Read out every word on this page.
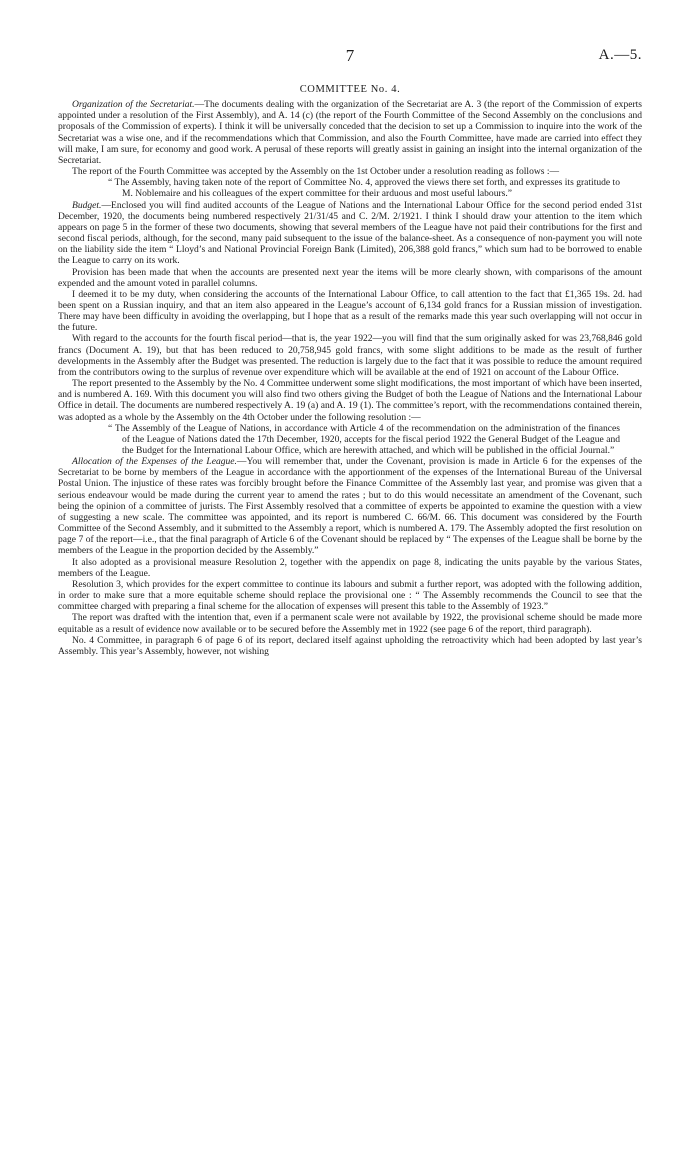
7	A.—5.
COMMITTEE No. 4.

Organization of the Secretariat.—The documents dealing with the organization of the Secretariat are A. 3 (the report of the Commission of experts appointed under a resolution of the First Assembly), and A. 14 (c) (the report of the Fourth Committee of the Second Assembly on the conclusions and proposals of the Commission of experts). I think it will be universally conceded that the decision to set up a Commission to inquire into the work of the Secretariat was a wise one, and if the recommendations which that Commission, and also the Fourth Committee, have made are carried into effect they will make, I am sure, for economy and good work. A perusal of these reports will greatly assist in gaining an insight into the internal organization of the Secretariat.

The report of the Fourth Committee was accepted by the Assembly on the 1st October under a resolution reading as follows :—

“ The Assembly, having taken note of the report of Committee No. 4, approved the views there set forth, and expresses its gratitude to M. Noblemaire and his colleagues of the expert committee for their arduous and most useful labours.”

Budget.—Enclosed you will find audited accounts of the League of Nations and the International Labour Office for the second period ended 31st December, 1920, the documents being numbered respectively 21/31/45 and C. 2/M. 2/1921. I think I should draw your attention to the item which appears on page 5 in the former of these two documents, showing that several members of the League have not paid their contributions for the first and second fiscal periods, although, for the second, many paid subsequent to the issue of the balance-sheet. As a consequence of non-payment you will note on the liability side the item “ Lloyd’s and National Provincial Foreign Bank (Limited), 206,388 gold francs,” which sum had to be borrowed to enable the League to carry on its work.

Provision has been made that when the accounts are presented next year the items will be more clearly shown, with comparisons of the amount expended and the amount voted in parallel columns.

I deemed it to be my duty, when considering the accounts of the International Labour Office, to call attention to the fact that £1,365 19s. 2d. had been spent on a Russian inquiry, and that an item also appeared in the League’s account of 6,134 gold francs for a Russian mission of investigation. There may have been difficulty in avoiding the overlapping, but I hope that as a result of the remarks made this year such overlapping will not occur in the future.

With regard to the accounts for the fourth fiscal period—that is, the year 1922—you will find that the sum originally asked for was 23,768,846 gold francs (Document A. 19), but that has been reduced to 20,758,945 gold francs, with some slight additions to be made as the result of further developments in the Assembly after the Budget was presented. The reduction is largely due to the fact that it was possible to reduce the amount required from the contributors owing to the surplus of revenue over expenditure which will be available at the end of 1921 on account of the Labour Office.

The report presented to the Assembly by the No. 4 Committee underwent some slight modifications, the most important of which have been inserted, and is numbered A. 169. With this document you will also find two others giving the Budget of both the League of Nations and the International Labour Office in detail. The documents are numbered respectively A. 19 (a) and A. 19 (1). The committee’s report, with the recommendations contained therein, was adopted as a whole by the Assembly on the 4th October under the following resolution :—

“ The Assembly of the League of Nations, in accordance with Article 4 of the recommendation on the administration of the finances of the League of Nations dated the 17th December, 1920, accepts for the fiscal period 1922 the General Budget of the League and the Budget for the International Labour Office, which are herewith attached, and which will be published in the official Journal.”

Allocation of the Expenses of the League.—You will remember that, under the Covenant, provision is made in Article 6 for the expenses of the Secretariat to be borne by members of the League in accordance with the apportionment of the expenses of the International Bureau of the Universal Postal Union. The injustice of these rates was forcibly brought before the Finance Committee of the Assembly last year, and promise was given that a serious endeavour would be made during the current year to amend the rates ; but to do this would necessitate an amendment of the Covenant, such being the opinion of a committee of jurists. The First Assembly resolved that a committee of experts be appointed to examine the question with a view of suggesting a new scale. The committee was appointed, and its report is numbered C. 66/M. 66. This document was considered by the Fourth Committee of the Second Assembly, and it submitted to the Assembly a report, which is numbered A. 179. The Assembly adopted the first resolution on page 7 of the report—i.e., that the final paragraph of Article 6 of the Covenant should be replaced by “ The expenses of the League shall be borne by the members of the League in the proportion decided by the Assembly.”

It also adopted as a provisional measure Resolution 2, together with the appendix on page 8, indicating the units payable by the various States, members of the League.

Resolution 3, which provides for the expert committee to continue its labours and submit a further report, was adopted with the following addition, in order to make sure that a more equitable scheme should replace the provisional one : “ The Assembly recommends the Council to see that the committee charged with preparing a final scheme for the allocation of expenses will present this table to the Assembly of 1923.”

The report was drafted with the intention that, even if a permanent scale were not available by 1922, the provisional scheme should be made more equitable as a result of evidence now available or to be secured before the Assembly met in 1922 (see page 6 of the report, third paragraph).

No. 4 Committee, in paragraph 6 of page 6 of its report, declared itself against upholding the retroactivity which had been adopted by last year’s Assembly. This year’s Assembly, however, not wishing
